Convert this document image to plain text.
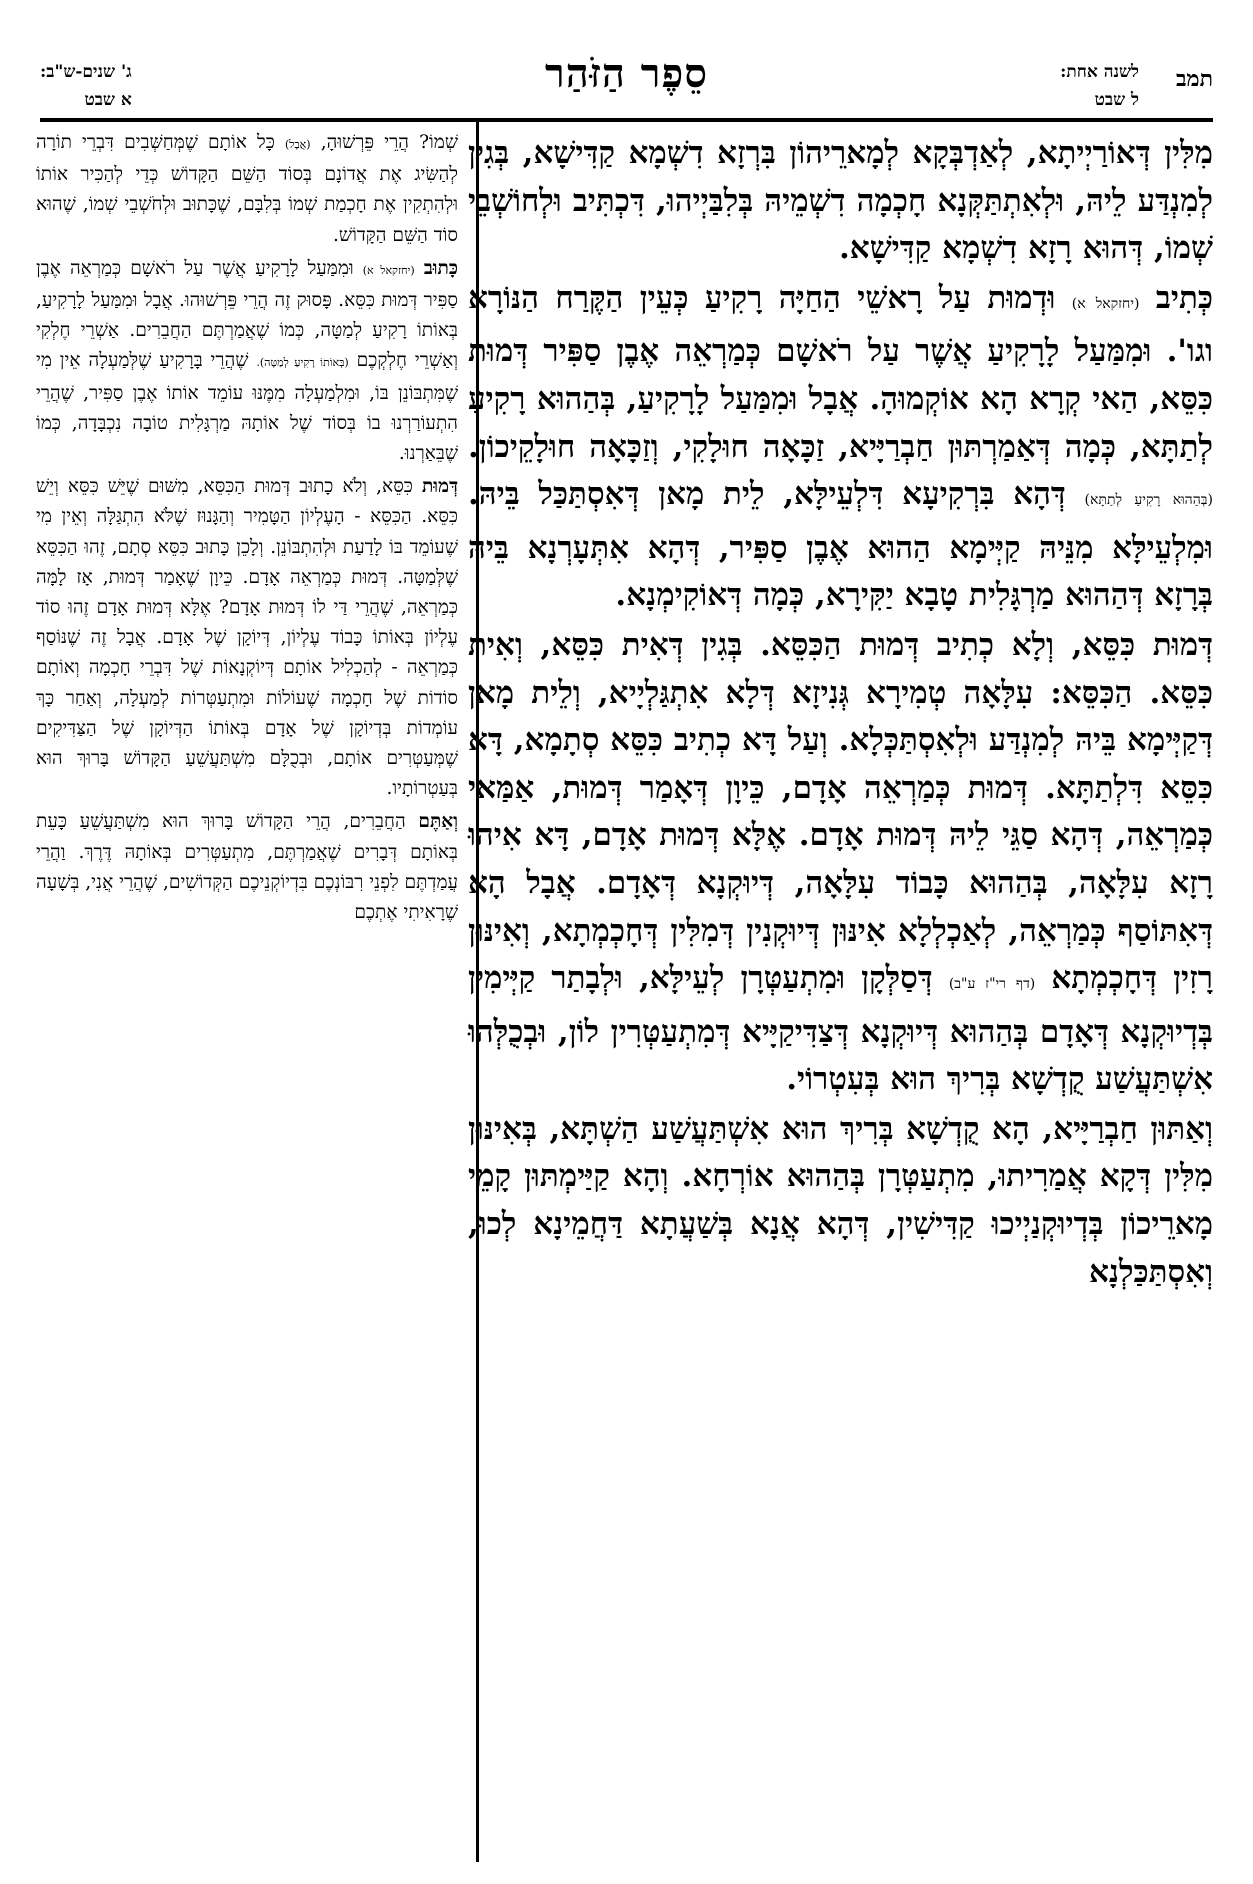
תמב
לשנה אחת:
ל שבט
סֵפֶר הַזֹּהַר
ג' שנים-ש"ב:
א שבט

מִלִּין דְּאוֹרַיְיתָא, לְאַדְבְּקָא לְמָארֵיהוֹן בִּרְזָא דִשְׁמָא קַדִּישָׁא, בְּגִין לְמִנְדַּע לֵיהּ, וּלְאִתְתַּקְּנָא חָכְמָה דִשְׁמֵיהּ בְּלִבַּיְיהוּ, דִּכְתִּיב וּלְחוֹשְׁבֵי שְׁמוֹ, דְּהוּא רָזָא דִשְׁמָא קַדִּישָׁא.

כְּתִיב (יחזקאל א) וּדְמוּת עַל רָאשֵׁי הַחַיָּה רָקִיעַ כְּעֵין הַקֶּרַח הַנּוֹרָא וגו'. וּמִמַּעַל לָרָקִיעַ אֲשֶׁר עַל רֹאשָׁם כְּמַרְאֵה אֶבֶן סַפִּיר דְּמוּת כִּסֵּא, הַאי קְרָא הָא אוֹקְמוּהָ. אֲבָל וּמִמַּעַל לָרָקִיעַ, בְּהַהוּא רָקִיעַ לְתַתָּא, כְּמָה דְּאַמַרְתּוּן חַבְרַיָּיא, זַכָּאָה חוּלָקִי, וְזַכָּאָה חוּלָקֵיכוֹן. (בְּהַהוּא רָקִיעַ לְתַתָּא) דְּהָא בִּרְקִיעָא דִּלְעֵילָּא, לֵית מָאן דְּאִסְתַּכַּל בֵּיהּ. וּמִלְעֵילָּא מִנֵּיהּ קַיְּימָא הַהוּא אֶבֶן סַפִּיר, דְּהָא אִתְּעָרְנָא בֵּיהּ בְּרָזָא דְּהַהוּא מַרְגָּלִית טָבָא יַקִּירָא, כְּמָה דְּאוֹקִימְנָא.

דְּמוּת כִּסֵּא, וְלָא כְתִיב דְּמוּת הַכִּסֵּא. בְּגִין דְּאִית כִּסֵּא, וְאִית כִּסֵּא. הַכִּסֵּא: עִלָּאָה טְמִירָא גְּנִיזָא דְּלָא אִתְגַּלְיָיא, וְלֵית מָאן דְּקַיְּימָא בֵּיהּ לְמִנְדַּע וּלְאִסְתַּכְּלָא. וְעַל דָּא כְתִיב כִּסֵּא סְתָמָא, דָּא כִּסֵּא דִּלְתַתָּא. דְּמוּת כְּמַרְאֵה אָדָם, כֵּיוָן דְּאָמַר דְּמוּת, אַמַּאי כְּמַרְאֵה, דְּהָא סַגֵּי לֵיהּ דְּמוּת אָדָם. אֶלָּא דְּמוּת אָדָם, דָּא אִיהוּ רָזָא עִלָּאָה, בְּהַהוּא כָּבוֹד עִלָּאָה, דְּיוּקְנָא דְּאָדָם. אֲבָל הָא דְּאִתּוֹסַף כְּמַרְאֵה, לְאַכְלְלָא אִינּוּן דְּיוּקְנִין דְּמִלִּין דְּחָכְמְתָא, וְאִינּוּן רָזִין דְּחָכְמְתָא (דף רי"ז ע"ב) דְּסַלְּקָן וּמִתְעַטְּרָן לְעֵילָּא, וּלְבָתַר קַיְּימִין בְּדְיוּקְנָא דְּאָדָם בְּהַהוּא דְּיוּקְנָא דְּצַדִּיקַיָּיא דְּמִתְעַטְּרִין לוֹן, וּבְכֻלְּהוּ אִשְׁתַּעֲשַׁע קֻדְשָׁא בְּרִיךְ הוּא בְּעִטְרוֹי.

וְאַתּוּן חַבְרַיָּיא, הָא קֻדְשָׁא בְּרִיךְ הוּא אִשְׁתַּעֲשַׁע הַשְׁתָּא, בְּאִינּוּן מִלִּין דְּקָא אֲמַרִיתוּ, מִתְעַטְּרָן בְּהַהוּא אוֹרְחָא. וְהָא קַיַּימְתּוּן קָמֵי מָארֵיכוֹן בְּדְיוּקְנַיְיכוּ קַדִּישִׁין, דְּהָא אֲנָא בְּשַׁעֲתָא דַּחֲמֵינָא לְכוּ, וְאִסְתַּכַּלְנָא

שְׁמוֹ? הֲרֵי פֵּרְשׁוּהָ, (אֲבָל) כָּל אוֹתָם שֶׁמְּחַשְּׁבִים דִּבְרֵי תוֹרָה לְהַשִּׂיג אֶת אֲדוֹנָם בְּסוֹד הַשֵּׁם הַקָּדוֹשׁ כְּדֵי לְהַכִּיר אוֹתוֹ וּלְהִתְקִין אֶת חָכְמַת שְׁמוֹ בְּלִבָּם, שֶׁכָּתוּב וּלְחֹשְׁבֵי שְׁמוֹ, שֶׁהוּא סוֹד הַשֵּׁם הַקָּדוֹשׁ.

כָּתוּב (יחזקאל א) וּמִמַּעַל לָרָקִיעַ אֲשֶׁר עַל רֹאשָׁם כְּמַרְאֵה אֶבֶן סַפִּיר דְּמוּת כִּסֵּא. פָּסוּק זֶה הֲרֵי פֵּרְשׁוּהוּ. אֲבָל וּמִמַּעַל לָרָקִיעַ, בְּאוֹתוֹ רָקִיעַ לְמַטָּה, כְּמוֹ שֶׁאֲמַרְתֶּם הַחֲבֵרִים. אַשְׁרֵי חֶלְקִי וְאַשְׁרֵי חֶלְקְכֶם (בְּאוֹתוֹ רָקִיעַ לְמַטָּה). שֶׁהֲרֵי בָּרָקִיעַ שֶׁלְּמַעְלָה אֵין מִי שֶׁמִּתְבּוֹנֵן בּוֹ, וּמִלְמַעְלָה מִמֶּנּוּ עוֹמֵד אוֹתוֹ אֶבֶן סַפִּיר, שֶׁהֲרֵי הִתְעוֹרַרְנוּ בוֹ בְּסוֹד שֶׁל אוֹתָהּ מַרְגָּלִית טוֹבָה נִכְבָּדָה, כְּמוֹ שֶׁבֵּאַרְנוּ.

דְּמוּת כִּסֵּא, וְלֹא כָתוּב דְּמוּת הַכִּסֵּא, מִשּׁוּם שֶׁיֵּשׁ כִּסֵּא וְיֵשׁ כִּסֵּא. הַכִּסֵּא - הָעֶלְיוֹן הַטָּמִיר וְהַגָּנוּז שֶׁלֹּא הִתְגַּלָּה וְאֵין מִי שֶׁעוֹמֵד בּוֹ לָדַעַת וּלְהִתְבּוֹנֵן. וְלָכֵן כָּתוּב כִּסֵּא סְתָם, זֶהוּ הַכִּסֵּא שֶׁלְּמַטָּה. דְּמוּת כְּמַרְאֵה אָדָם. כֵּיוָן שֶׁאָמַר דְּמוּת, אָז לָמָּה כְּמַרְאֵה, שֶׁהֲרֵי דַּי לוֹ דְּמוּת אָדָם? אֶלָּא דְּמוּת אָדָם זֶהוּ סוֹד עֶלְיוֹן בְּאוֹתוֹ כָּבוֹד עֶלְיוֹן, דְּיוֹקָן שֶׁל אָדָם. אֲבָל זֶה שֶׁנּוֹסַף כְּמַרְאֵה - לְהַכְלִיל אוֹתָם דְּיוֹקְנָאוֹת שֶׁל דִּבְרֵי חָכְמָה וְאוֹתָם סוֹדוֹת שֶׁל חָכְמָה שֶׁעוֹלוֹת וּמִתְעַטְּרוֹת לְמַעְלָה, וְאַחַר כָּךְ עוֹמְדוֹת בְּדְיוֹקָן שֶׁל אָדָם בְּאוֹתוֹ הַדְּיוֹקָן שֶׁל הַצַּדִּיקִים שֶׁמְּעַטְּרִים אוֹתָם, וּבְכֻלָּם מִשְׁתַּעֲשֵׁעַ הַקָּדוֹשׁ בָּרוּךְ הוּא בְּעַטְרוֹתָיו.

וְאַתֶּם הַחֲבֵרִים, הֲרֵי הַקָּדוֹשׁ בָּרוּךְ הוּא מִשְׁתַּעֲשֵׁעַ כָּעֵת בְּאוֹתָם דְּבָרִים שֶׁאֲמַרְתֶּם, מִתְעַטְּרִים בְּאוֹתָהּ דֶּרֶךְ. וַהֲרֵי עֲמַדְתֶּם לִפְנֵי רִבּוֹנְכֶם בִּדְיוֹקְנֵיכֶם הַקְּדוֹשִׁים, שֶׁהֲרֵי אֲנִי, בְּשָׁעָה שֶׁרָאִיתִי אֶתְכֶם
